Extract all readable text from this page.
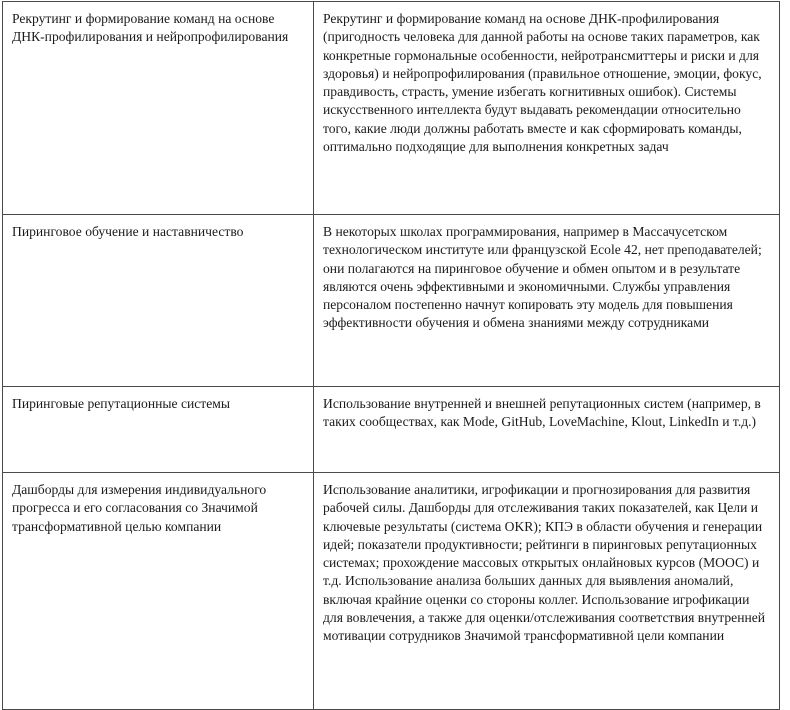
Рекрутинг и формирование команд на основе ДНК-профилирования и нейропрофилирования	Рекрутинг и формирование команд на основе ДНК-профилирования (пригодность человека для данной работы на основе таких параметров, как конкретные гормональные особенности, нейротрансмиттеры и риски и для здоровья) и нейропрофилирования (правильное отношение, эмоции, фокус, правдивость, страсть, умение избегать когнитивных ошибок). Системы искусственного интеллекта будут выдавать рекомендации относительно того, какие люди должны работать вместе и как сформировать команды, оптимально подходящие для выполнения конкретных задач

Пиринговое обучение и наставничество	В некоторых школах программирования, например в Массачусетском технологическом институте или французской Ecole 42, нет преподавателей; они полагаются на пиринговое обучение и обмен опытом и в результате являются очень эффективными и экономичными. Службы управления персоналом постепенно начнут копировать эту модель для повышения эффективности обучения и обмена знаниями между сотрудниками

Пиринговые репутационные системы	Использование внутренней и внешней репутационных систем (например, в таких сообществах, как Mode, GitHub, LoveMachine, Klout, LinkedIn и т.д.)

Дашборды для измерения индивидуального прогресса и его согласования со Значимой трансформативной целью компании	Использование аналитики, игрофикации и прогнозирования для развития рабочей силы. Дашборды для отслеживания таких показателей, как Цели и ключевые результаты (система OKR); КПЭ в области обучения и генерации идей; показатели продуктивности; рейтинги в пиринговых репутационных системах; прохождение массовых открытых онлайновых курсов (МООС) и т.д. Использование анализа больших данных для выявления аномалий, включая крайние оценки со стороны коллег. Использование игрофикации для вовлечения, а также для оценки/отслеживания соответствия внутренней мотивации сотрудников Значимой трансформативной цели компании
